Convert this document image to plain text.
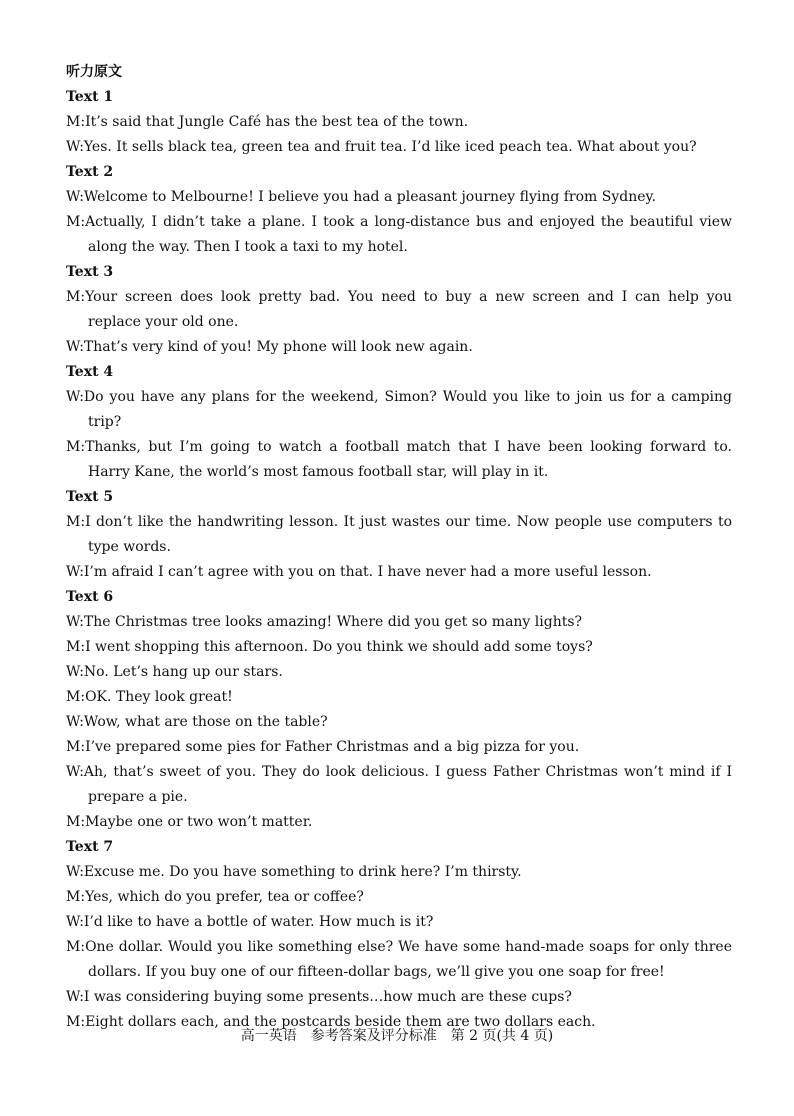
听力原文
Text 1
M:It’s said that Jungle Café has the best tea of the town.
W:Yes. It sells black tea, green tea and fruit tea. I’d like iced peach tea. What about you?
Text 2
W:Welcome to Melbourne! I believe you had a pleasant journey flying from Sydney.
M:Actually, I didn’t take a plane. I took a long-distance bus and enjoyed the beautiful view along the way. Then I took a taxi to my hotel.
Text 3
M:Your screen does look pretty bad. You need to buy a new screen and I can help you replace your old one.
W:That’s very kind of you! My phone will look new again.
Text 4
W:Do you have any plans for the weekend, Simon? Would you like to join us for a camping trip?
M:Thanks, but I’m going to watch a football match that I have been looking forward to. Harry Kane, the world’s most famous football star, will play in it.
Text 5
M:I don’t like the handwriting lesson. It just wastes our time. Now people use computers to type words.
W:I’m afraid I can’t agree with you on that. I have never had a more useful lesson.
Text 6
W:The Christmas tree looks amazing! Where did you get so many lights?
M:I went shopping this afternoon. Do you think we should add some toys?
W:No. Let’s hang up our stars.
M:OK. They look great!
W:Wow, what are those on the table?
M:I’ve prepared some pies for Father Christmas and a big pizza for you.
W:Ah, that’s sweet of you. They do look delicious. I guess Father Christmas won’t mind if I prepare a pie.
M:Maybe one or two won’t matter.
Text 7
W:Excuse me. Do you have something to drink here? I’m thirsty.
M:Yes, which do you prefer, tea or coffee?
W:I’d like to have a bottle of water. How much is it?
M:One dollar. Would you like something else? We have some hand-made soaps for only three dollars. If you buy one of our fifteen-dollar bags, we’ll give you one soap for free!
W:I was considering buying some presents…how much are these cups?
M:Eight dollars each, and the postcards beside them are two dollars each.
高一英语　参考答案及评分标准　第 2 页(共 4 页)
